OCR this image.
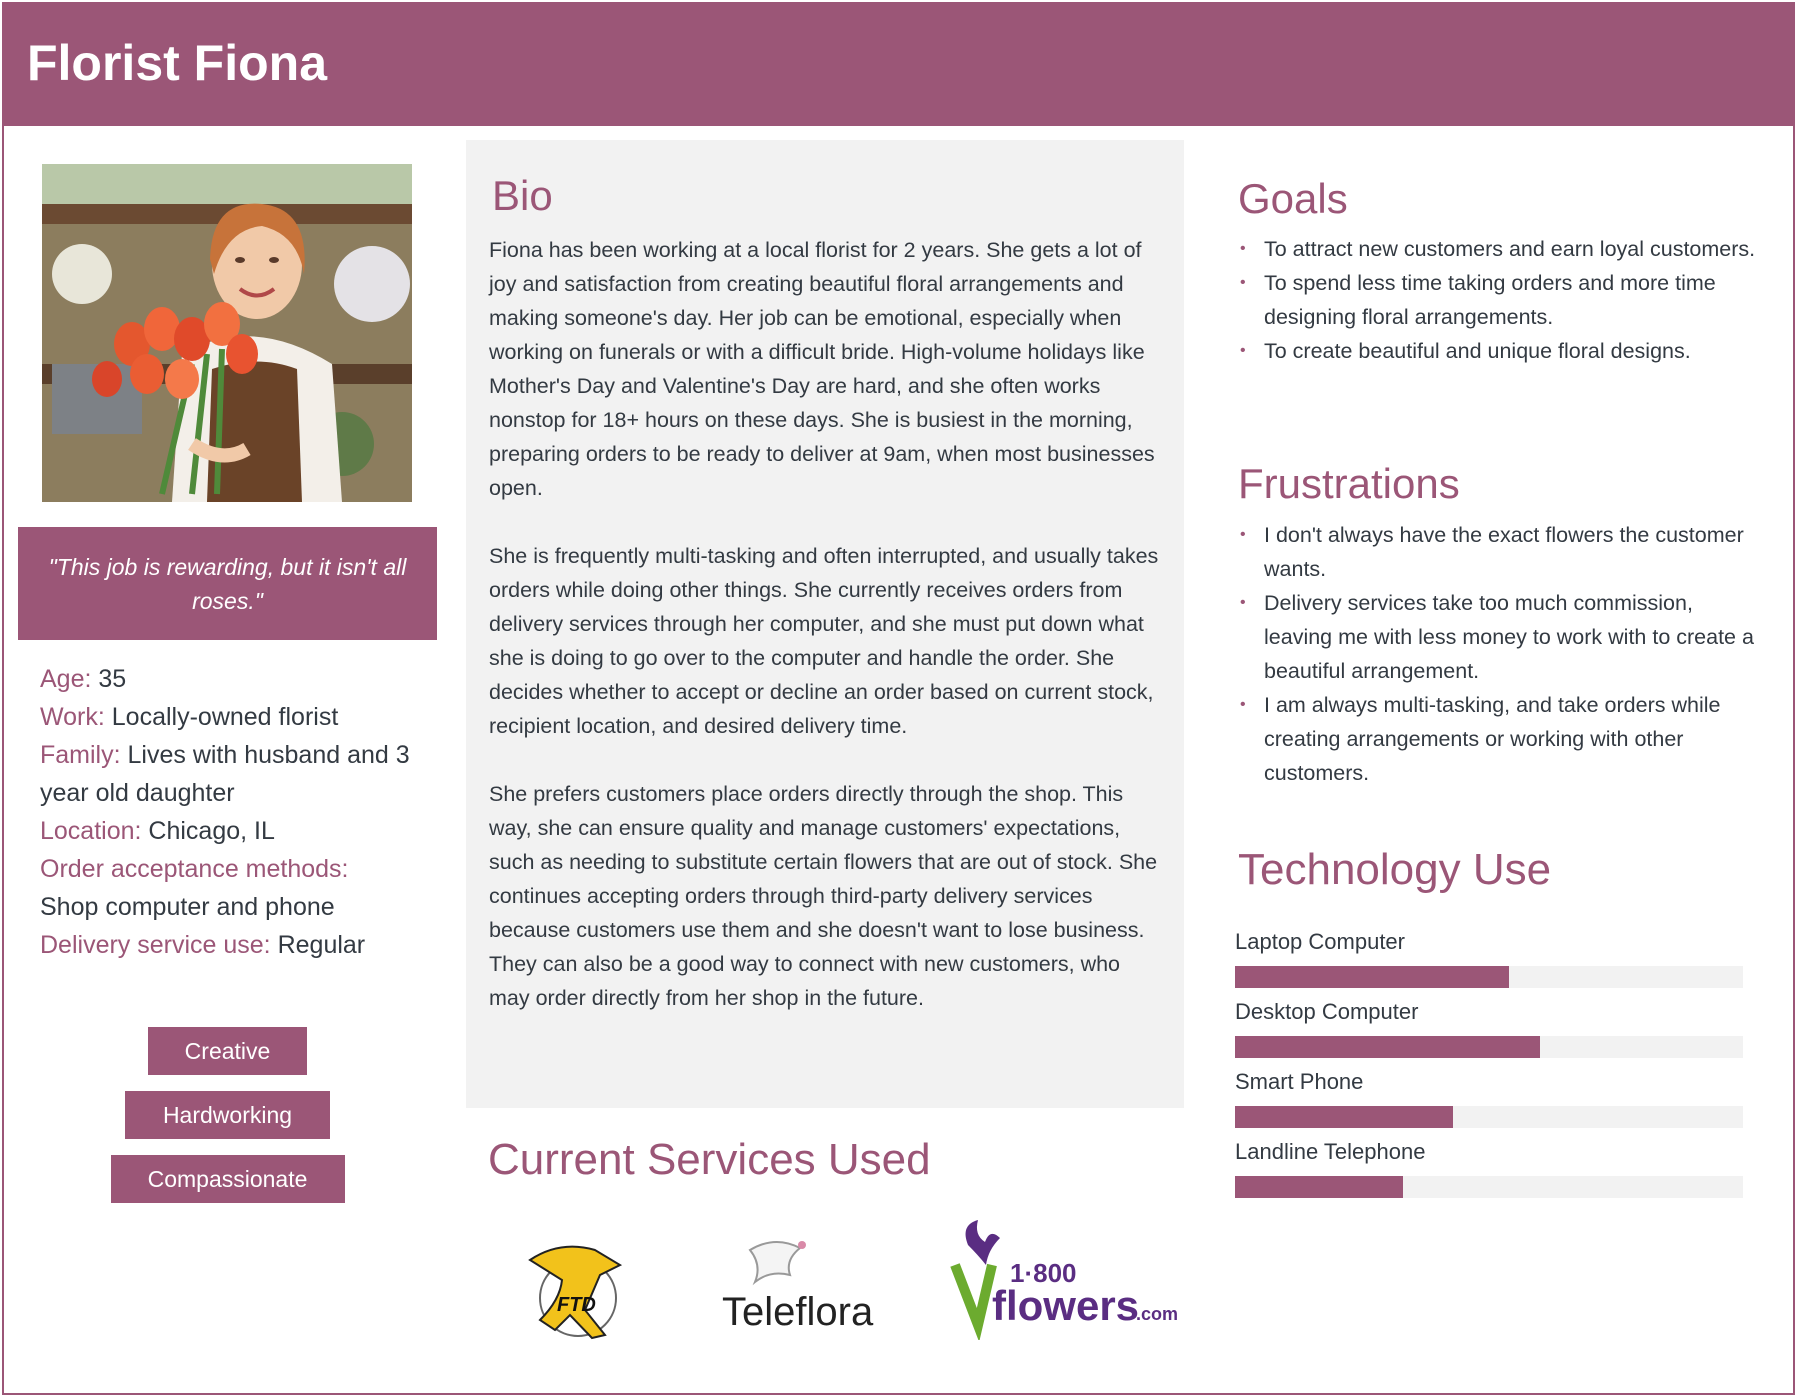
Florist Fiona
"This job is rewarding, but it isn't all roses."
Age: 35
Work: Locally-owned florist
Family: Lives with husband and 3 year old daughter
Location: Chicago, IL
Order acceptance methods:
Shop computer and phone
Delivery service use: Regular
Creative
Hardworking
Compassionate
Bio

Fiona has been working at a local florist for 2 years. She gets a lot of joy and satisfaction from creating beautiful floral arrangements and making someone's day. Her job can be emotional, especially when working on funerals or with a difficult bride. High-volume holidays like Mother's Day and Valentine's Day are hard, and she often works nonstop for 18+ hours on these days. She is busiest in the morning, preparing orders to be ready to deliver at 9am, when most businesses open.

She is frequently multi-tasking and often interrupted, and usually takes orders while doing other things. She currently receives orders from delivery services through her computer, and she must put down what she is doing to go over to the computer and handle the order. She decides whether to accept or decline an order based on current stock, recipient location, and desired delivery time.

She prefers customers place orders directly through the shop. This way, she can ensure quality and manage customers' expectations, such as needing to substitute certain flowers that are out of stock. She continues accepting orders through third-party delivery services because customers use them and she doesn't want to lose business. They can also be a good way to connect with new customers, who may order directly from her shop in the future.

Current Services Used
FTD	Teleflora
1·800
flowers
.com
Goals
• To attract new customers and earn loyal customers.
• To spend less time taking orders and more time designing floral arrangements.
• To create beautiful and unique floral designs.
Frustrations
• I don't always have the exact flowers the customer wants.
• Delivery services take too much commission, leaving me with less money to work with to create a beautiful arrangement.
• I am always multi-tasking, and take orders while creating arrangements or working with other customers.
Technology Use
Laptop Computer
Desktop Computer
Smart Phone
Landline Telephone
